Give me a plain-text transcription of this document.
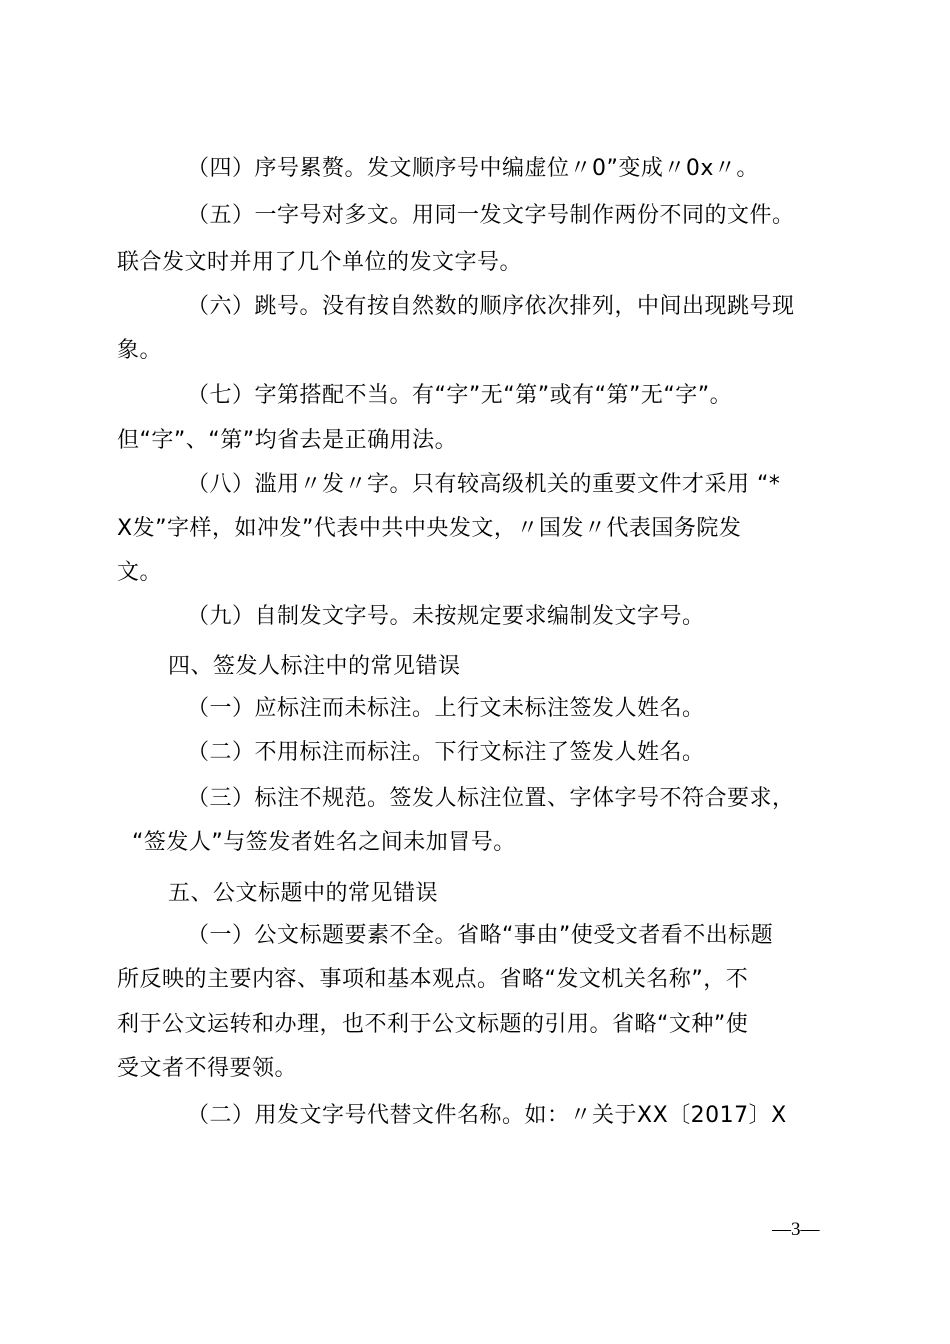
（四）序号累赘。发文顺序号中编虚位〃0”变成〃0x〃。
（五）一字号对多文。用同一发文字号制作两份不同的文件。
联合发文时并用了几个单位的发文字号。
（六）跳号。没有按自然数的顺序依次排列，中间出现跳号现
象。
（七）字第搭配不当。有“字”无“第”或有“第”无“字”。
但“字”、“第”均省去是正确用法。
（八）滥用〃发〃字。只有较高级机关的重要文件才采用 “*
X发”字样，如冲发”代表中共中央发文，〃国发〃代表国务院发
文。
（九）自制发文字号。未按规定要求编制发文字号。
四、签发人标注中的常见错误
（一）应标注而未标注。上行文未标注签发人姓名。
（二）不用标注而标注。下行文标注了签发人姓名。
（三）标注不规范。签发人标注位置、字体字号不符合要求，
“签发人”与签发者姓名之间未加冒号。
五、公文标题中的常见错误
（一）公文标题要素不全。省略“事由”使受文者看不出标题
所反映的主要内容、事项和基本观点。省略“发文机关名称”，不
利于公文运转和办理，也不利于公文标题的引用。省略“文种”使
受文者不得要领。
（二）用发文字号代替文件名称。如：〃关于XX〔2017〕X
—3—
